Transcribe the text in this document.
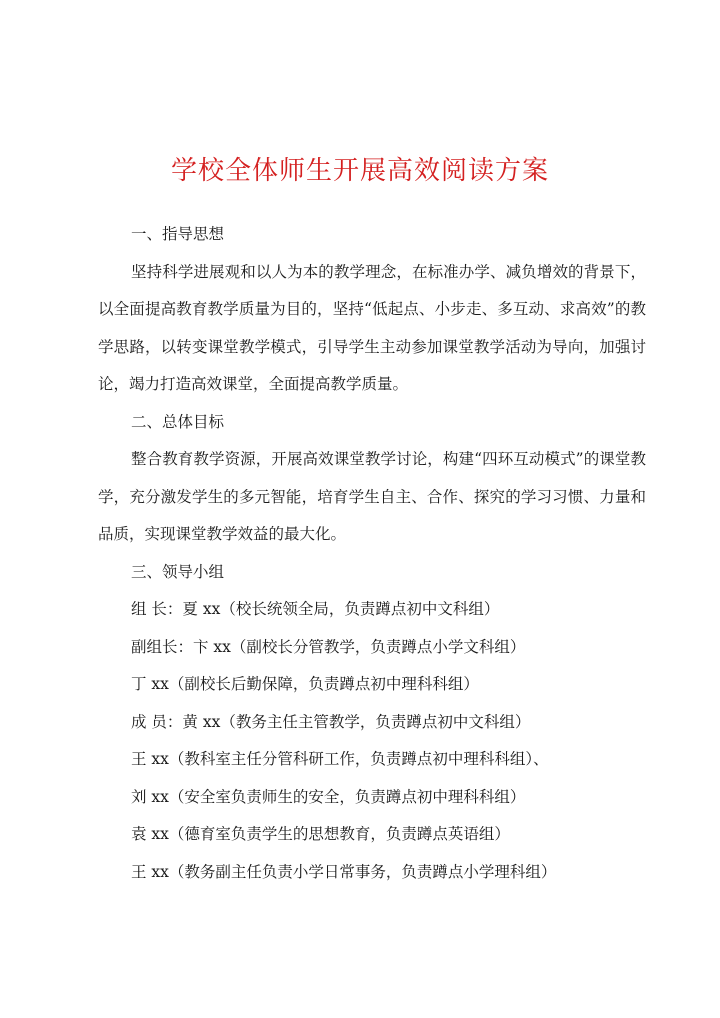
学校全体师生开展高效阅读方案

一、指导思想

坚持科学进展观和以人为本的教学理念，在标准办学、减负增效的背景下，以全面提高教育教学质量为目的，坚持“低起点、小步走、多互动、求高效”的教学思路，以转变课堂教学模式，引导学生主动参加课堂教学活动为导向，加强讨论，竭力打造高效课堂，全面提高教学质量。

二、总体目标

整合教育教学资源，开展高效课堂教学讨论，构建“四环互动模式”的课堂教学，充分激发学生的多元智能，培育学生自主、合作、探究的学习习惯、力量和品质，实现课堂教学效益的最大化。

三、领导小组

组 长：夏 xx（校长统领全局，负责蹲点初中文科组）

副组长：卞 xx（副校长分管教学，负责蹲点小学文科组）

丁 xx（副校长后勤保障，负责蹲点初中理科科组）

成 员：黄 xx（教务主任主管教学，负责蹲点初中文科组）

王 xx（教科室主任分管科研工作，负责蹲点初中理科科组）、

刘 xx（安全室负责师生的安全，负责蹲点初中理科科组）

袁 xx（德育室负责学生的思想教育，负责蹲点英语组）

王 xx（教务副主任负责小学日常事务，负责蹲点小学理科组）
